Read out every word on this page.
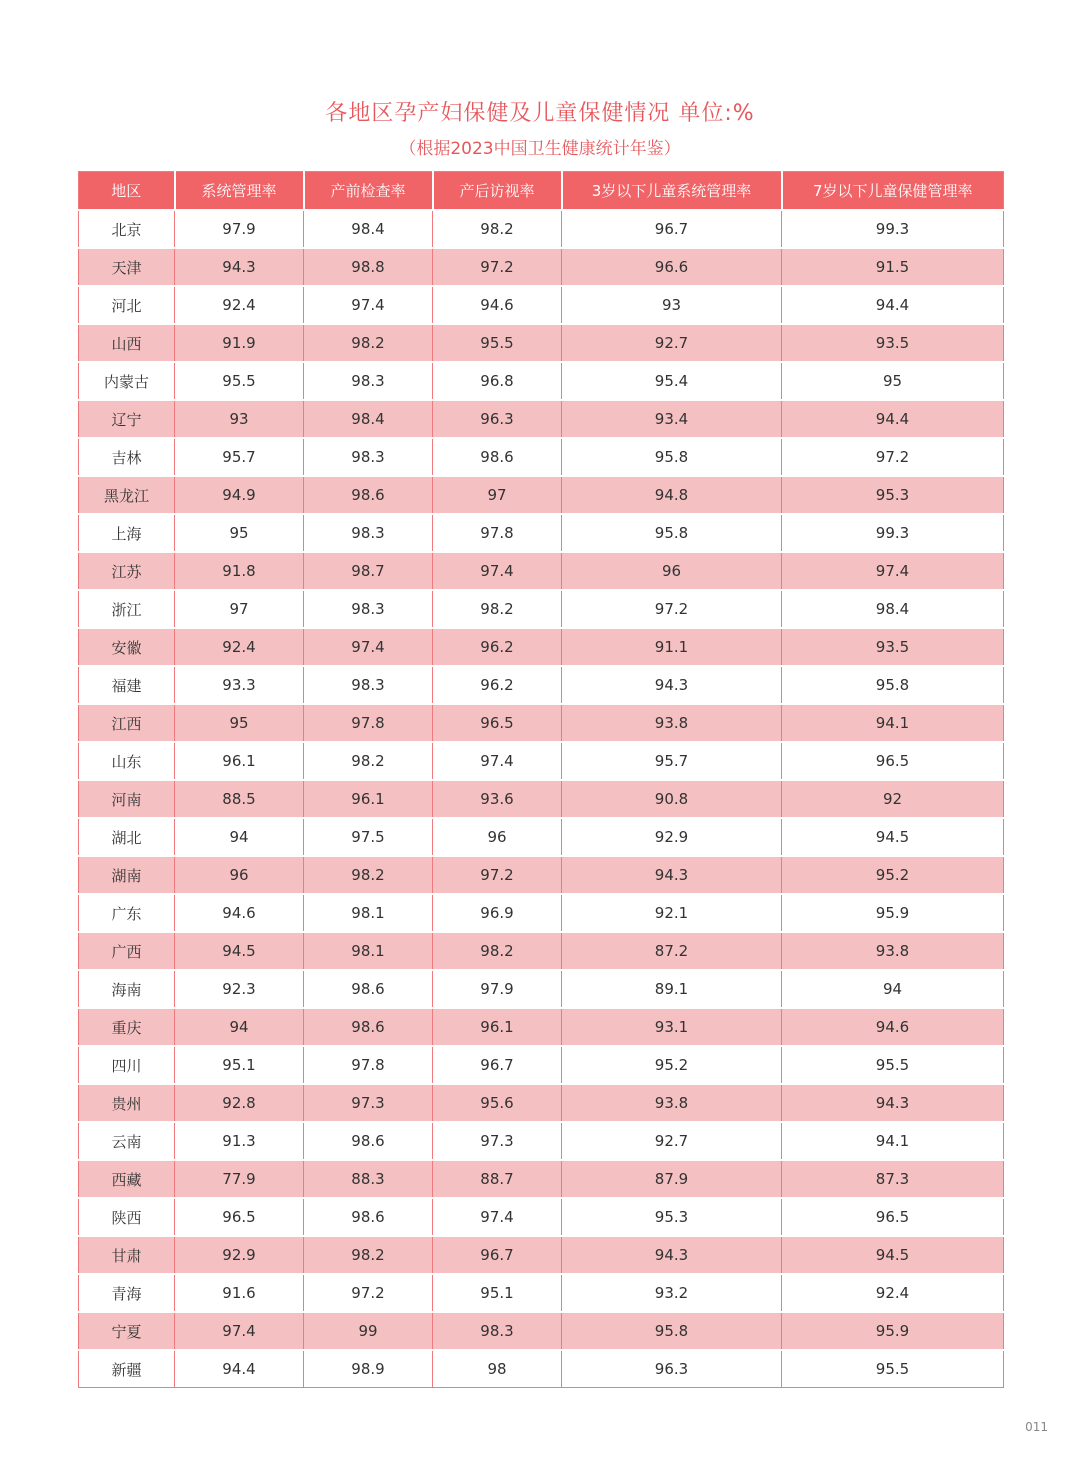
各地区孕产妇保健及儿童保健情况 单位:%
（根据2023中国卫生健康统计年鉴）
地区	系统管理率	产前检查率	产后访视率	3岁以下儿童系统管理率	7岁以下儿童保健管理率
北京	97.9	98.4	98.2	96.7	99.3
天津	94.3	98.8	97.2	96.6	91.5
河北	92.4	97.4	94.6	93	94.4
山西	91.9	98.2	95.5	92.7	93.5
内蒙古	95.5	98.3	96.8	95.4	95
辽宁	93	98.4	96.3	93.4	94.4
吉林	95.7	98.3	98.6	95.8	97.2
黑龙江	94.9	98.6	97	94.8	95.3
上海	95	98.3	97.8	95.8	99.3
江苏	91.8	98.7	97.4	96	97.4
浙江	97	98.3	98.2	97.2	98.4
安徽	92.4	97.4	96.2	91.1	93.5
福建	93.3	98.3	96.2	94.3	95.8
江西	95	97.8	96.5	93.8	94.1
山东	96.1	98.2	97.4	95.7	96.5
河南	88.5	96.1	93.6	90.8	92
湖北	94	97.5	96	92.9	94.5
湖南	96	98.2	97.2	94.3	95.2
广东	94.6	98.1	96.9	92.1	95.9
广西	94.5	98.1	98.2	87.2	93.8
海南	92.3	98.6	97.9	89.1	94
重庆	94	98.6	96.1	93.1	94.6
四川	95.1	97.8	96.7	95.2	95.5
贵州	92.8	97.3	95.6	93.8	94.3
云南	91.3	98.6	97.3	92.7	94.1
西藏	77.9	88.3	88.7	87.9	87.3
陕西	96.5	98.6	97.4	95.3	96.5
甘肃	92.9	98.2	96.7	94.3	94.5
青海	91.6	97.2	95.1	93.2	92.4
宁夏	97.4	99	98.3	95.8	95.9
新疆	94.4	98.9	98	96.3	95.5
011
